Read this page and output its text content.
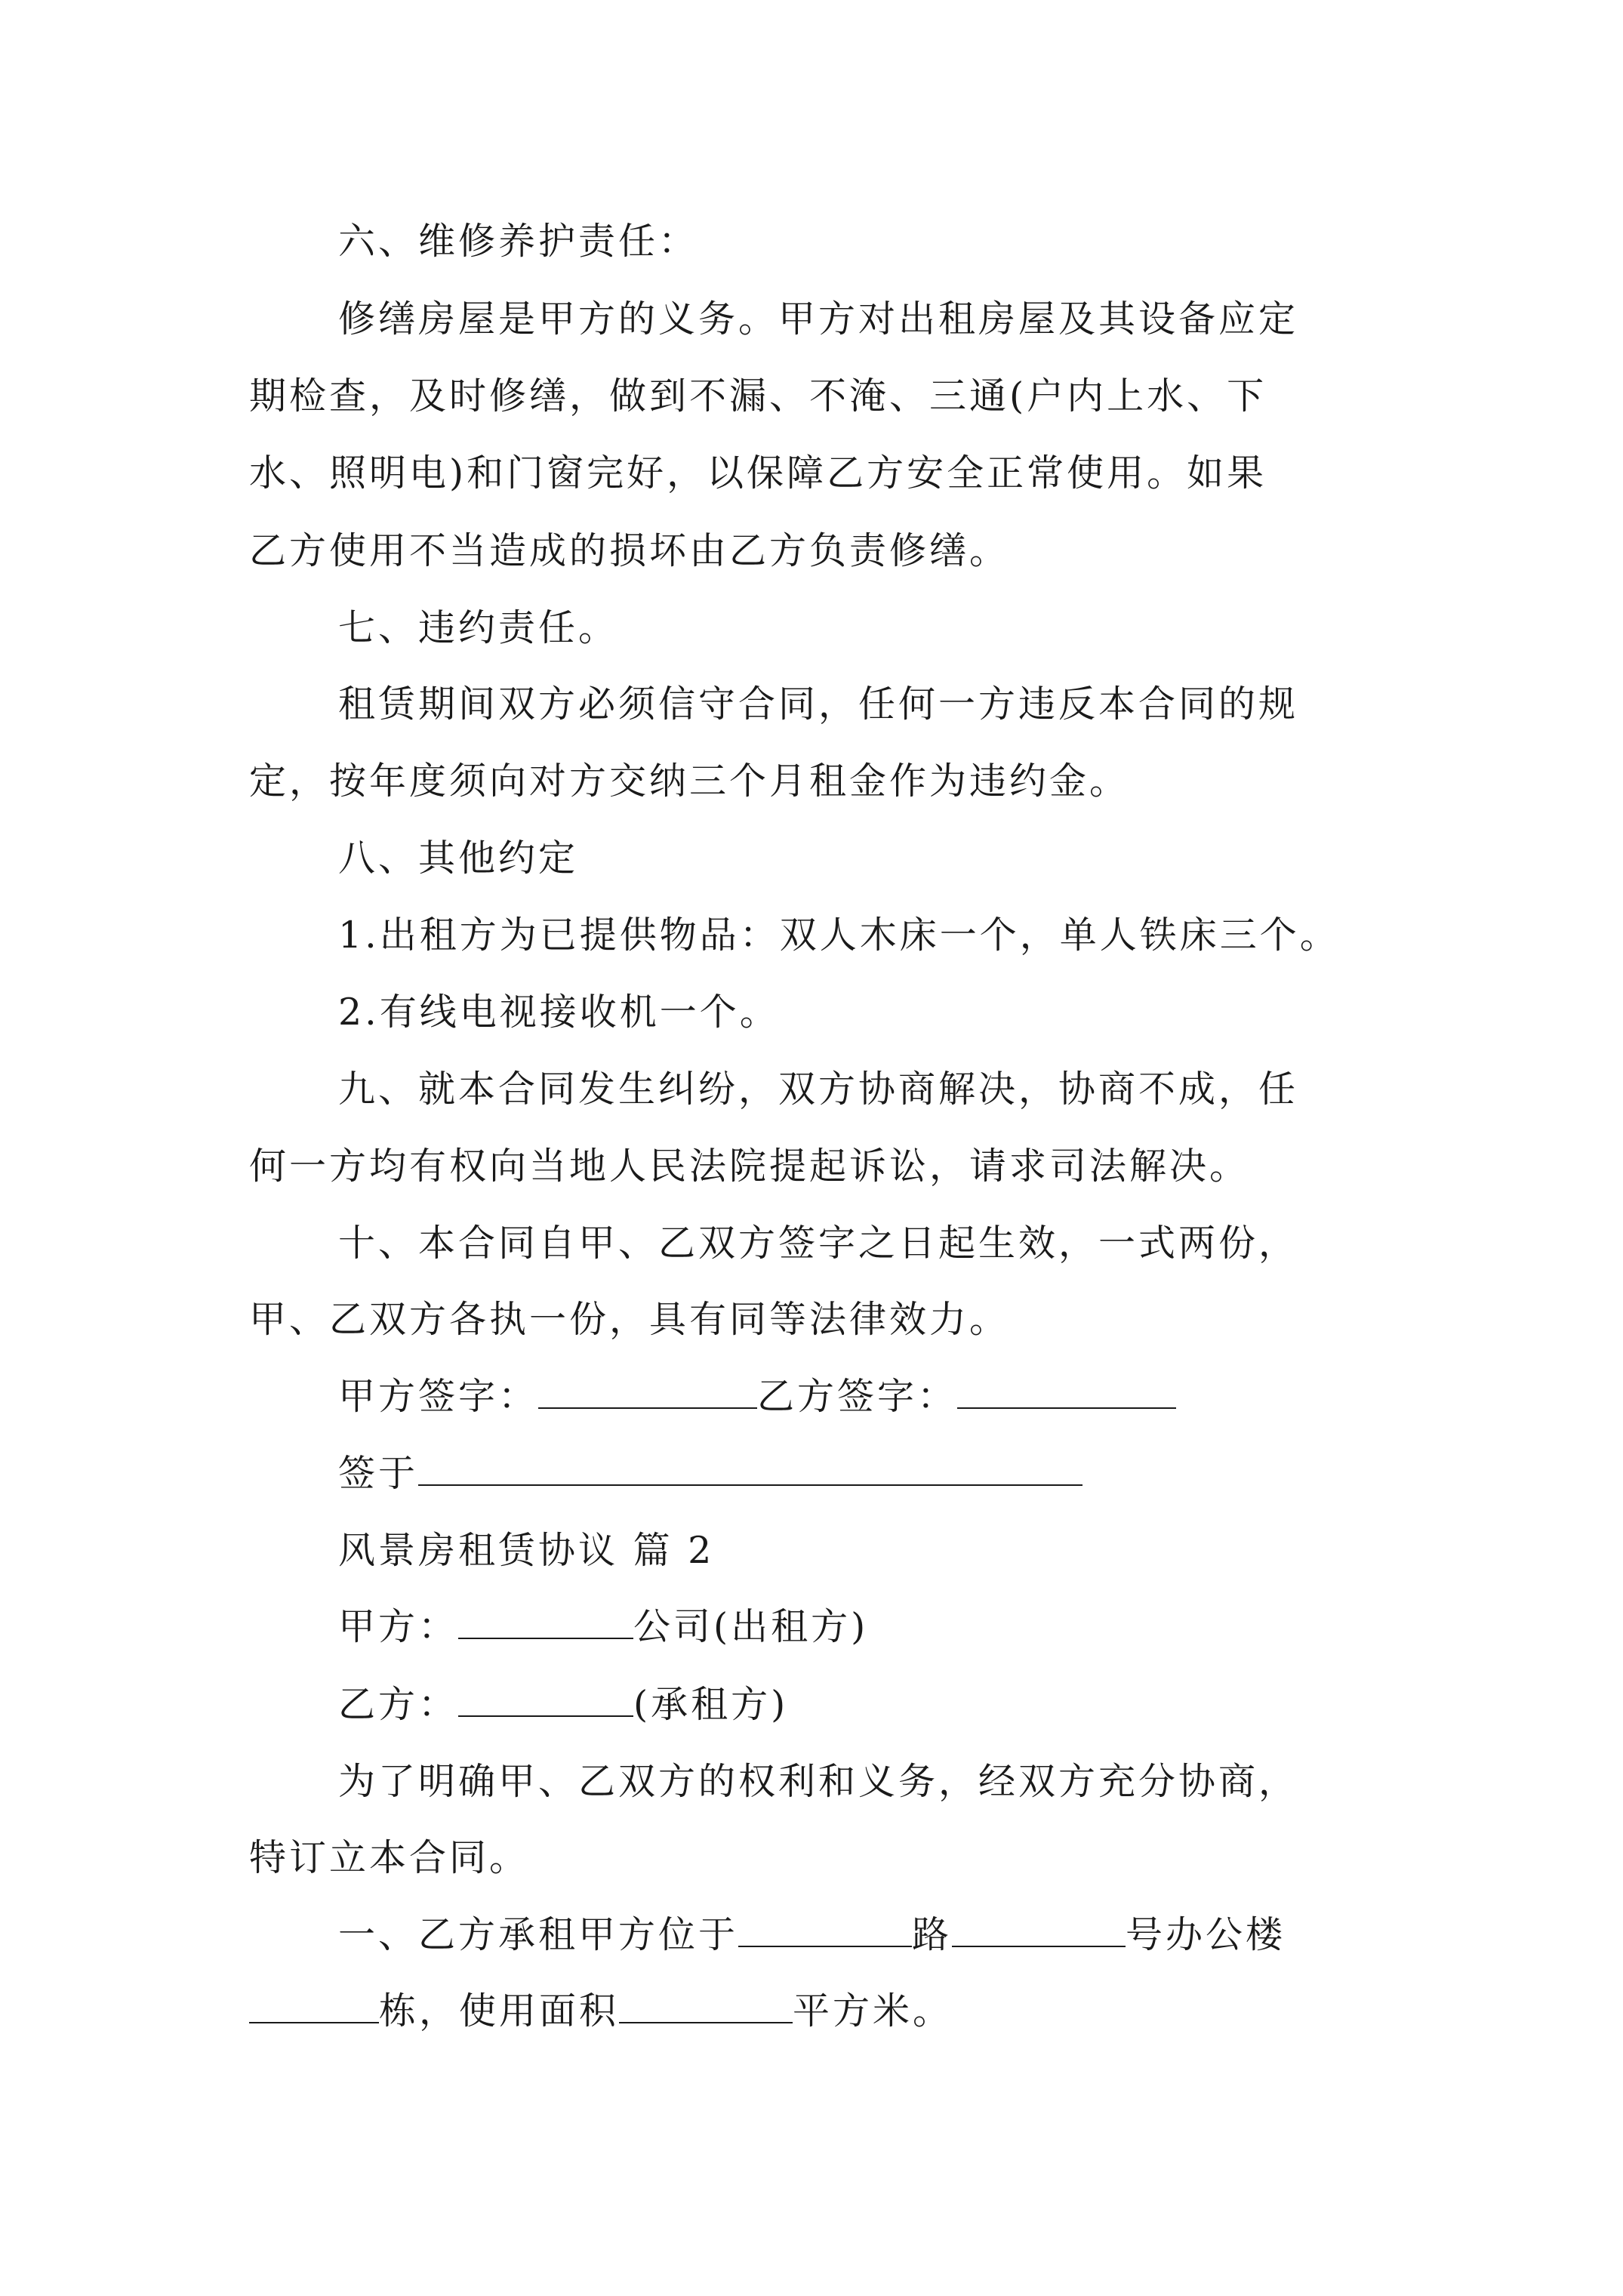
六、维修养护责任：
修缮房屋是甲方的义务。甲方对出租房屋及其设备应定
期检查，及时修缮，做到不漏、不淹、三通(户内上水、下
水、照明电)和门窗完好，以保障乙方安全正常使用。如果
乙方使用不当造成的损坏由乙方负责修缮。
七、违约责任。
租赁期间双方必须信守合同，任何一方违反本合同的规
定，按年度须向对方交纳三个月租金作为违约金。
八、其他约定
1.出租方为已提供物品：双人木床一个，单人铁床三个。
2.有线电视接收机一个。
九、就本合同发生纠纷，双方协商解决，协商不成，任
何一方均有权向当地人民法院提起诉讼，请求司法解决。
十、本合同自甲、乙双方签字之日起生效，一式两份，
甲、乙双方各执一份，具有同等法律效力。
甲方签字：	乙方签字：
签于
风景房租赁协议 篇 2
甲方：	公司(出租方)
乙方：	(承租方)
为了明确甲、乙双方的权利和义务，经双方充分协商，
特订立本合同。
一、乙方承租甲方位于	路	号办公楼
栋，使用面积	平方米。
